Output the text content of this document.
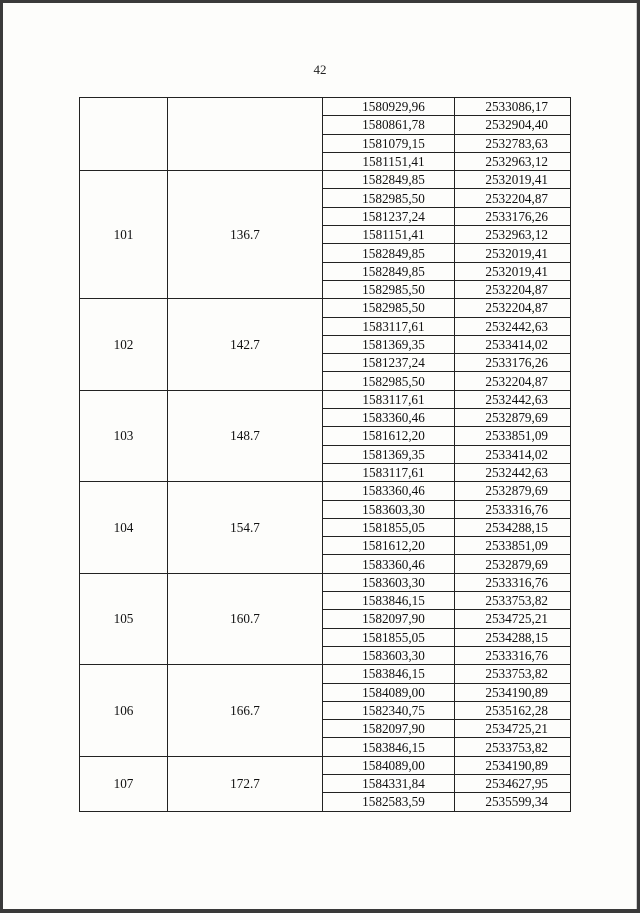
42
		1580929,96	2533086,17
		1580861,78	2532904,40
		1581079,15	2532783,63
		1581151,41	2532963,12
101	136.7	1582849,85	2532019,41
		1582985,50	2532204,87
		1581237,24	2533176,26
		1581151,41	2532963,12
		1582849,85	2532019,41
		1582849,85	2532019,41
		1582985,50	2532204,87
102	142.7	1582985,50	2532204,87
		1583117,61	2532442,63
		1581369,35	2533414,02
		1581237,24	2533176,26
		1582985,50	2532204,87
103	148.7	1583117,61	2532442,63
		1583360,46	2532879,69
		1581612,20	2533851,09
		1581369,35	2533414,02
		1583117,61	2532442,63
104	154.7	1583360,46	2532879,69
		1583603,30	2533316,76
		1581855,05	2534288,15
		1581612,20	2533851,09
		1583360,46	2532879,69
105	160.7	1583603,30	2533316,76
		1583846,15	2533753,82
		1582097,90	2534725,21
		1581855,05	2534288,15
		1583603,30	2533316,76
106	166.7	1583846,15	2533753,82
		1584089,00	2534190,89
		1582340,75	2535162,28
		1582097,90	2534725,21
		1583846,15	2533753,82
107	172.7	1584089,00	2534190,89
		1584331,84	2534627,95
		1582583,59	2535599,34
